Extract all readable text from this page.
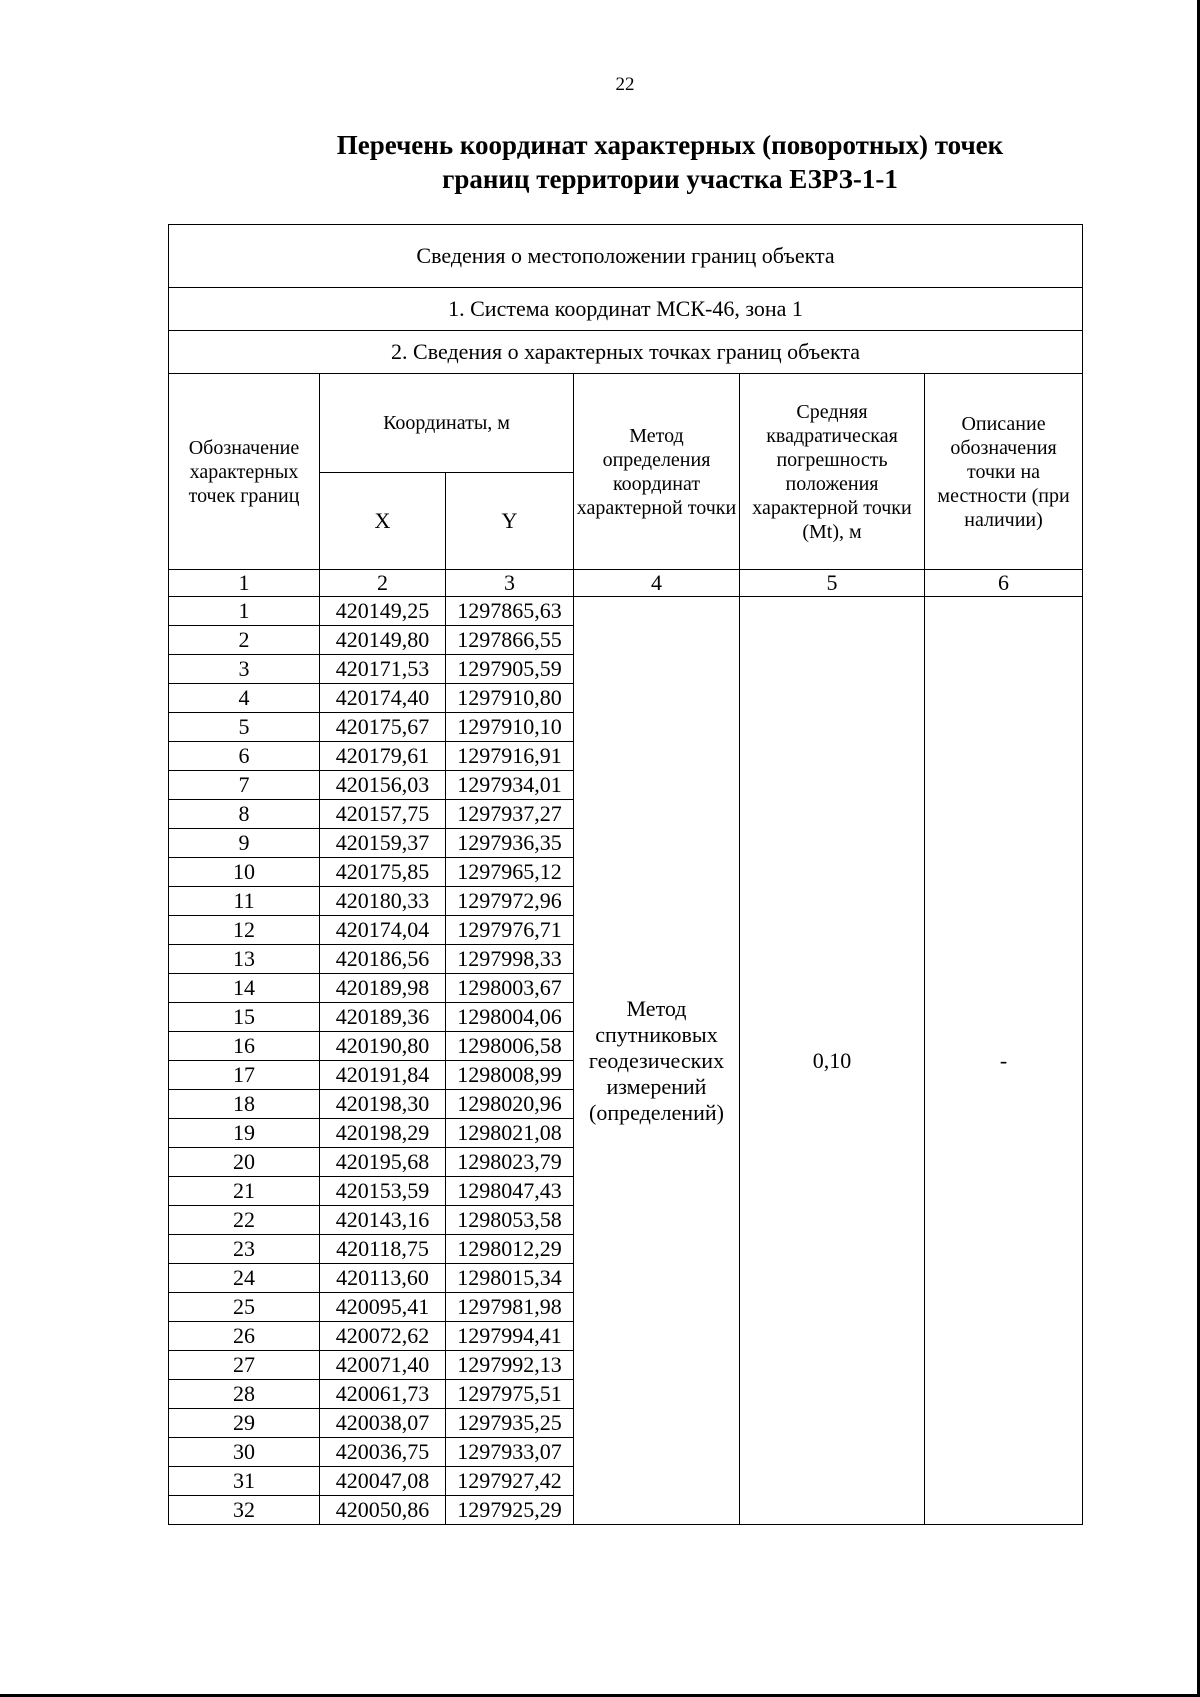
22
Перечень координат характерных (поворотных) точек
границ территории участка ЕЗРЗ-1-1
Сведения о местоположении границ объекта					
1. Система координат МСК-46, зона 1					
2. Сведения о характерных точках границ объекта					
Обозначение характерных точек границ	Координаты, м		Метод определения координат характерной точки	Средняя квадратическая погрешность положения характерной точки (Mt), м	Описание обозначения точки на местности (при наличии)
	X	Y			
1	2	3	4	5	6
1	420149,25	1297865,63	Метод спутниковых геодезических измерений (определений)	0,10	-
2	420149,80	1297866,55			
3	420171,53	1297905,59			
4	420174,40	1297910,80			
5	420175,67	1297910,10			
6	420179,61	1297916,91			
7	420156,03	1297934,01			
8	420157,75	1297937,27			
9	420159,37	1297936,35			
10	420175,85	1297965,12			
11	420180,33	1297972,96			
12	420174,04	1297976,71			
13	420186,56	1297998,33			
14	420189,98	1298003,67			
15	420189,36	1298004,06			
16	420190,80	1298006,58			
17	420191,84	1298008,99			
18	420198,30	1298020,96			
19	420198,29	1298021,08			
20	420195,68	1298023,79			
21	420153,59	1298047,43			
22	420143,16	1298053,58			
23	420118,75	1298012,29			
24	420113,60	1298015,34			
25	420095,41	1297981,98			
26	420072,62	1297994,41			
27	420071,40	1297992,13			
28	420061,73	1297975,51			
29	420038,07	1297935,25			
30	420036,75	1297933,07			
31	420047,08	1297927,42			
32	420050,86	1297925,29			
